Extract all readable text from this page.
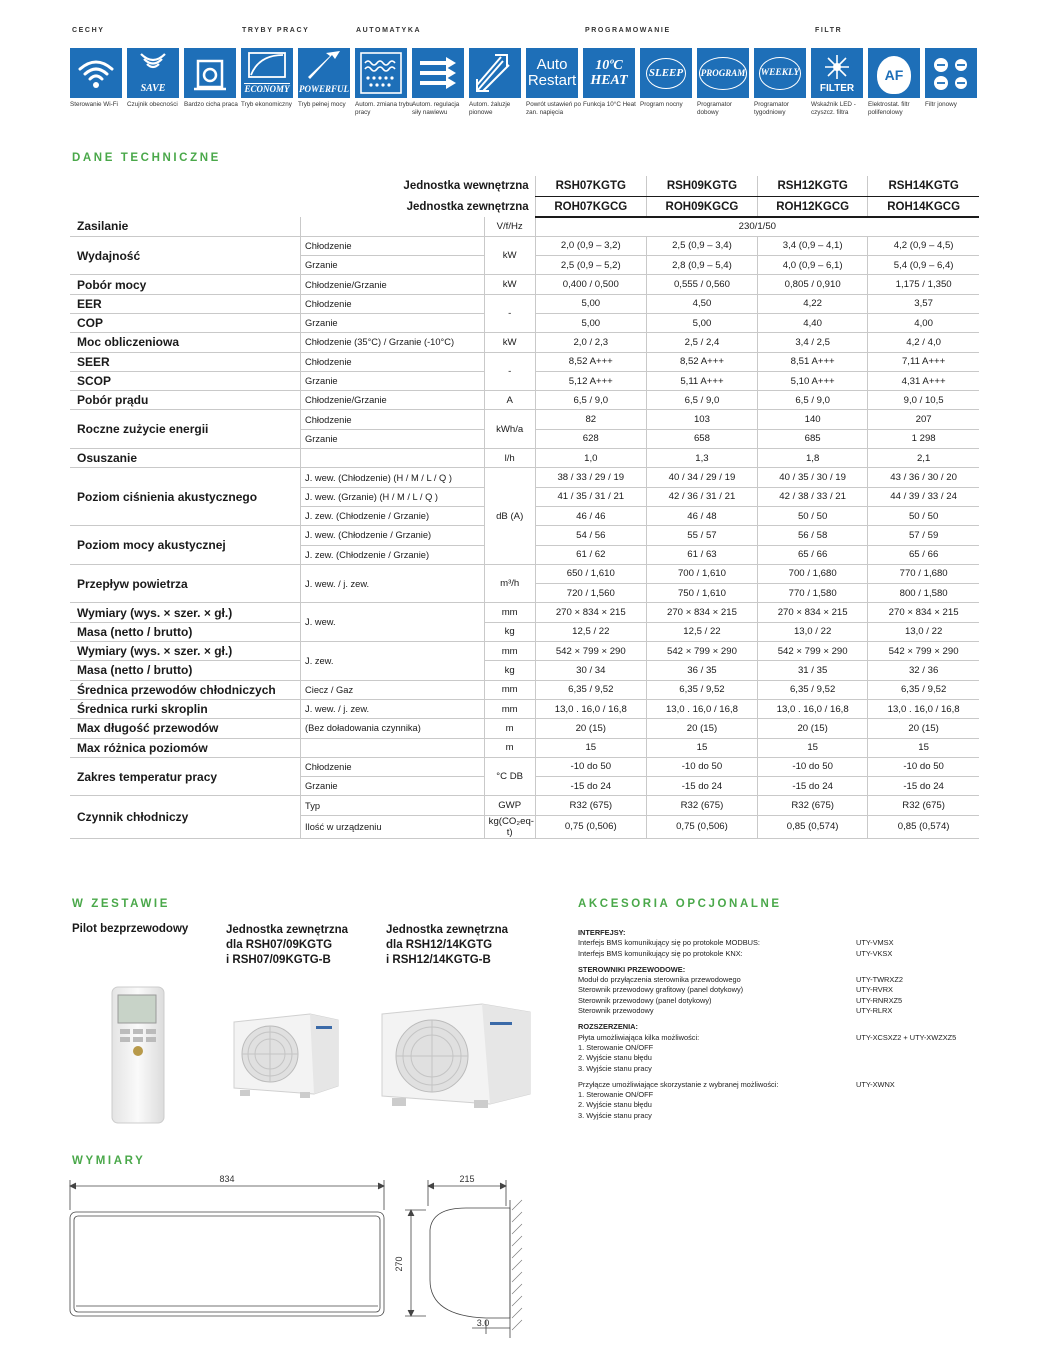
CECHY	TRYBY PRACY	AUTOMATYKA	PROGRAMOWANIE	FILTR
Sterowanie Wi-Fi
SAVE
Czujnik obecności Bardzo cicha praca
ECONOMY
Tryb ekonomiczny
POWERFUL
Tryb pełnej mocy	Autom. zmiana trybu pracy
Autom. regulacja siły nawiewu
Autom. żaluzje pionowe
Auto Restart
Powrót ustawień po zan. napięcia
10ºC HEAT
Funkcja 10°C Heat
SLEEP
Program nocny
PROGRAM
Programator dobowy
WEEKLY
Programator tygodniowy
FILTER
Wskaźnik LED - czyszcz. filtra
AF
Elektrostat. filtr polifenolowy
Filtr jonowy
DANE TECHNICZNE
Jednostka wewnętrzna			RSH07KGTG	RSH09KGTG	RSH12KGTG	RSH14KGTG
Jednostka zewnętrzna			ROH07KGCG	ROH09KGCG	ROH12KGCG	ROH14KGCG
Zasilanie		V/f/Hz	230/1/50			
Wydajność	Chłodzenie	kW	2,0 (0,9 – 3,2)	2,5 (0,9 – 3,4)	3,4 (0,9 – 4,1)	4,2 (0,9 – 4,5)
	Grzanie		2,5 (0,9 – 5,2)	2,8 (0,9 – 5,4)	4,0 (0,9 – 6,1)	5,4 (0,9 – 6,4)
Pobór mocy	Chłodzenie/Grzanie	kW	0,400 / 0,500	0,555 / 0,560	0,805 / 0,910	1,175 / 1,350
EER	Chłodzenie	-	5,00	4,50	4,22	3,57
COP	Grzanie		5,00	5,00	4,40	4,00
Moc obliczeniowa	Chłodzenie (35°C) / Grzanie (-10°C)	kW	2,0 / 2,3	2,5 / 2,4	3,4 / 2,5	4,2 / 4,0
SEER	Chłodzenie	-	8,52 A+++	8,52 A+++	8,51 A+++	7,11 A+++
SCOP	Grzanie		5,12 A+++	5,11 A+++	5,10 A+++	4,31 A+++
Pobór prądu	Chłodzenie/Grzanie	A	6,5 / 9,0	6,5 / 9,0	6,5 / 9,0	9,0 / 10,5
Roczne zużycie energii	Chłodzenie	kWh/a	82	103	140	207
	Grzanie		628	658	685	1 298
Osuszanie		l/h	1,0	1,3	1,8	2,1
Poziom ciśnienia akustycznego	J. wew. (Chłodzenie) (H / M / L / Q )	dB (A)	38 / 33 / 29 / 19	40 / 34 / 29 / 19	40 / 35 / 30 / 19	43 / 36 / 30 / 20
	J. wew. (Grzanie) (H / M / L / Q )		41 / 35 / 31 / 21	42 / 36 / 31 / 21	42 / 38 / 33 / 21	44 / 39 / 33 / 24
	J. zew. (Chłodzenie / Grzanie)		46 / 46	46 / 48	50 / 50	50 / 50
Poziom mocy akustycznej	J. wew. (Chłodzenie / Grzanie)		54 / 56	55 / 57	56 / 58	57 / 59
	J. zew. (Chłodzenie / Grzanie)		61 / 62	61 / 63	65 / 66	65 / 66
Przepływ powietrza	J. wew. / j. zew.	m³/h	650 / 1,610	700 / 1,610	700 / 1,680	770 / 1,680
			720 / 1,560	750 / 1,610	770 / 1,580	800 / 1,580
Wymiary (wys. × szer. × gł.)	J. wew.	mm	270 × 834 × 215	270 × 834 × 215	270 × 834 × 215	270 × 834 × 215
Masa (netto / brutto)		kg	12,5 / 22	12,5 / 22	13,0 / 22	13,0 / 22
Wymiary (wys. × szer. × gł.)	J. zew.	mm	542 × 799 × 290	542 × 799 × 290	542 × 799 × 290	542 × 799 × 290
Masa (netto / brutto)		kg	30 / 34	36 / 35	31 / 35	32 / 36
Średnica przewodów chłodniczych	Ciecz / Gaz	mm	6,35 / 9,52	6,35 / 9,52	6,35 / 9,52	6,35 / 9,52
Średnica rurki skroplin	J. wew. / j. zew.	mm	13,0 . 16,0 / 16,8	13,0 . 16,0 / 16,8	13,0 . 16,0 / 16,8	13,0 . 16,0 / 16,8
Max długość przewodów	(Bez doładowania czynnika)	m	20 (15)	20 (15)	20 (15)	20 (15)
Max różnica poziomów		m	15	15	15	15
Zakres temperatur pracy	Chłodzenie	°C DB	-10 do 50	-10 do 50	-10 do 50	-10 do 50
	Grzanie		-15 do 24	-15 do 24	-15 do 24	-15 do 24
Czynnik chłodniczy	Typ	GWP	R32 (675)	R32 (675)	R32 (675)	R32 (675)
	Ilość w urządzeniu	kg(CO₂eq-t)	0,75 (0,506)	0,75 (0,506)	0,85 (0,574)	0,85 (0,574)
W ZESTAWIE
Pilot bezprzewodowy	Jednostka zewnętrzna
dla RSH07/09KGTG
i RSH07/09KGTG-B
Jednostka zewnętrzna
dla RSH12/14KGTG
i RSH12/14KGTG-B
AKCESORIA OPCJONALNE
INTERFEJSY:
Interfejs BMS komunikujący się po protokole MODBUS:	UTY-VMSX
Interfejs BMS komunikujący się po protokole KNX:	UTY-VKSX
STEROWNIKI PRZEWODOWE:
Moduł do przyłączenia sterownika przewodowego	UTY-TWRXZ2
Sterownik przewodowy grafitowy (panel dotykowy)	UTY-RVRX
Sterownik przewodowy (panel dotykowy)	UTY-RNRXZ5
Sterownik przewodowy	UTY-RLRX
ROZSZERZENIA:
Płyta umożliwiająca kilka możliwości:	UTY-XCSXZ2 + UTY-XWZXZ5
1. Sterowanie ON/OFF
2. Wyjście stanu błędu
3. Wyjście stanu pracy
Przyłącze umożliwiające skorzystanie z wybranej możliwości:	UTY-XWNX
1. Sterowanie ON/OFF
2. Wyjście stanu błędu
3. Wyjście stanu pracy
WYMIARY
834	215
270
3.0
